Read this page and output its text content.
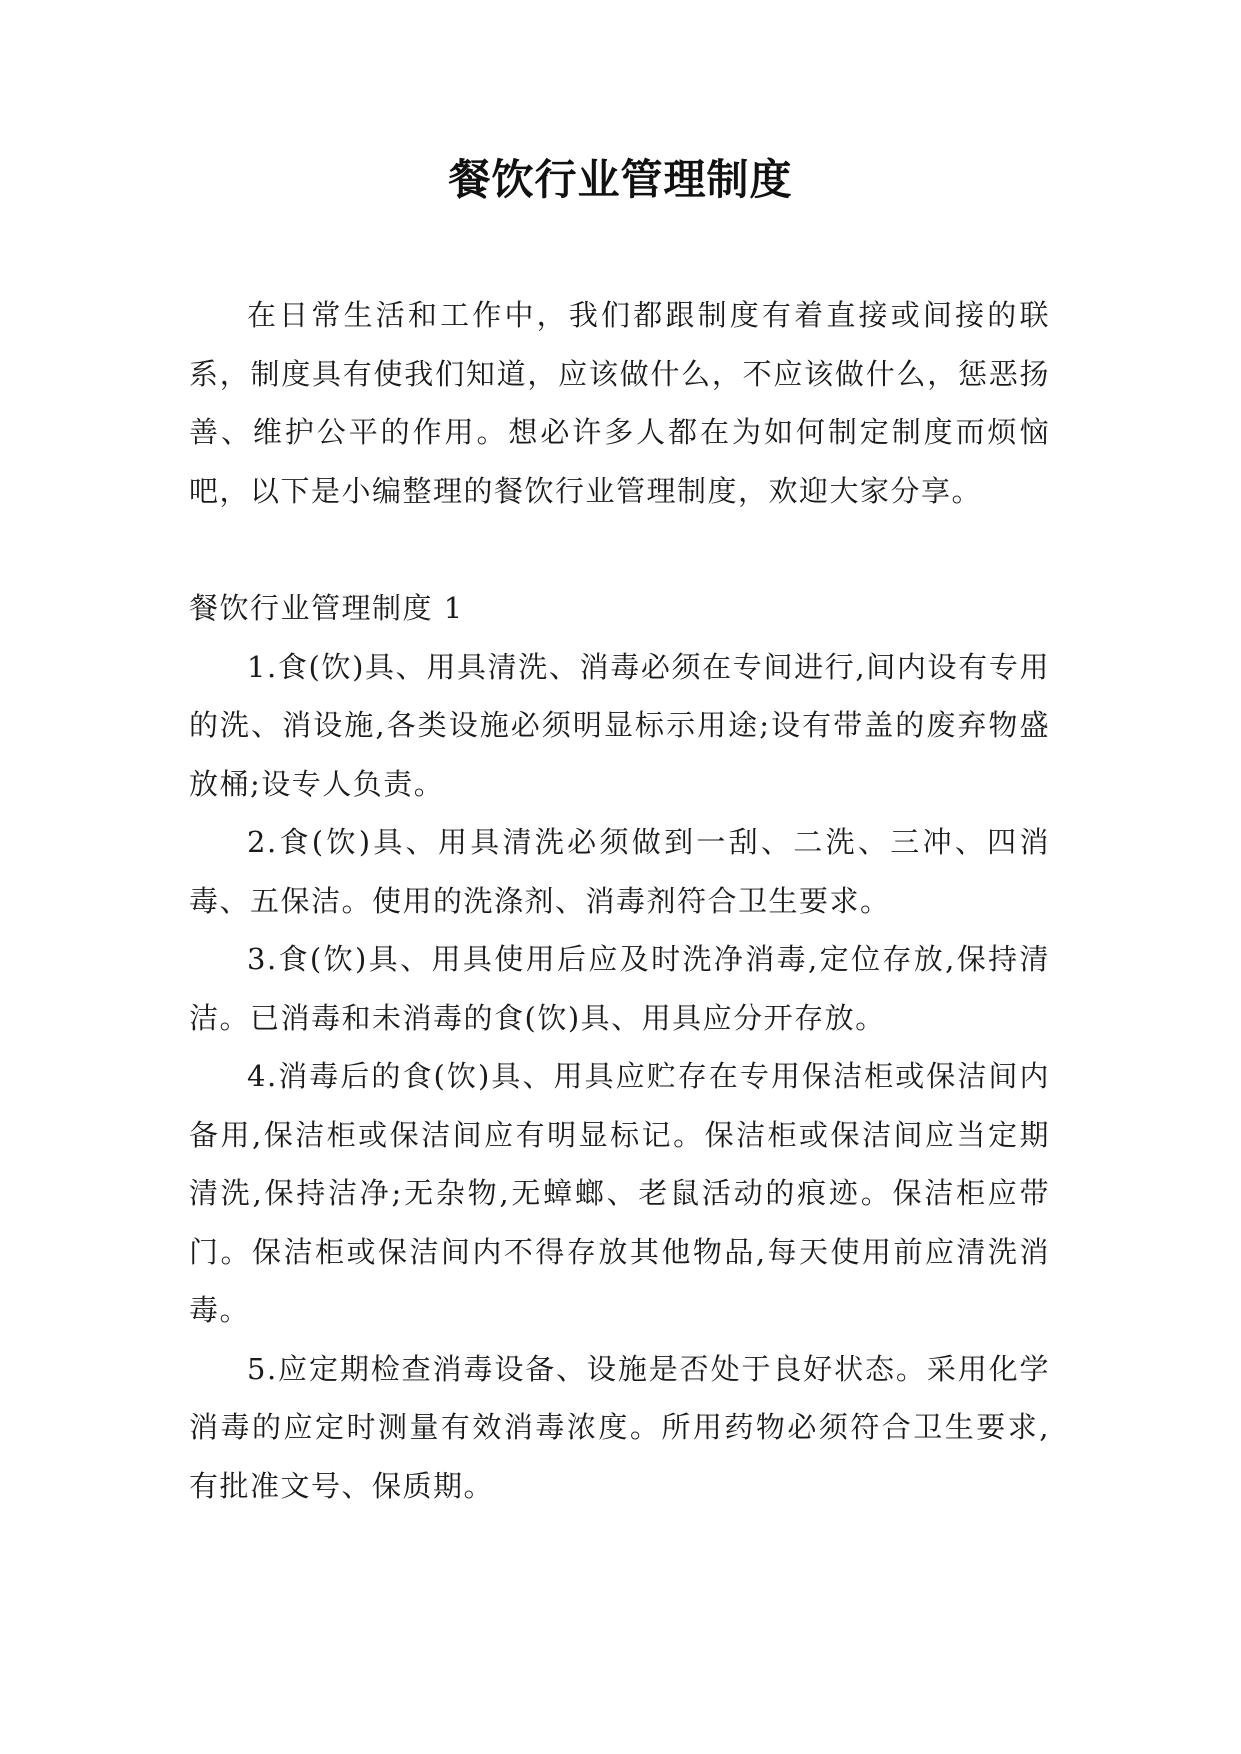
餐饮行业管理制度

在日常生活和工作中，我们都跟制度有着直接或间接的联系，制度具有使我们知道，应该做什么，不应该做什么，惩恶扬善、维护公平的作用。想必许多人都在为如何制定制度而烦恼吧，以下是小编整理的餐饮行业管理制度，欢迎大家分享。

餐饮行业管理制度 1

1.食(饮)具、用具清洗、消毒必须在专间进行,间内设有专用的洗、消设施,各类设施必须明显标示用途;设有带盖的废弃物盛放桶;设专人负责。

2.食(饮)具、用具清洗必须做到一刮、二洗、三冲、四消毒、五保洁。使用的洗涤剂、消毒剂符合卫生要求。

3.食(饮)具、用具使用后应及时洗净消毒,定位存放,保持清洁。已消毒和未消毒的食(饮)具、用具应分开存放。

4.消毒后的食(饮)具、用具应贮存在专用保洁柜或保洁间内备用,保洁柜或保洁间应有明显标记。保洁柜或保洁间应当定期清洗,保持洁净;无杂物,无蟑螂、老鼠活动的痕迹。保洁柜应带门。保洁柜或保洁间内不得存放其他物品,每天使用前应清洗消毒。

5.应定期检查消毒设备、设施是否处于良好状态。采用化学消毒的应定时测量有效消毒浓度。所用药物必须符合卫生要求,有批准文号、保质期。
